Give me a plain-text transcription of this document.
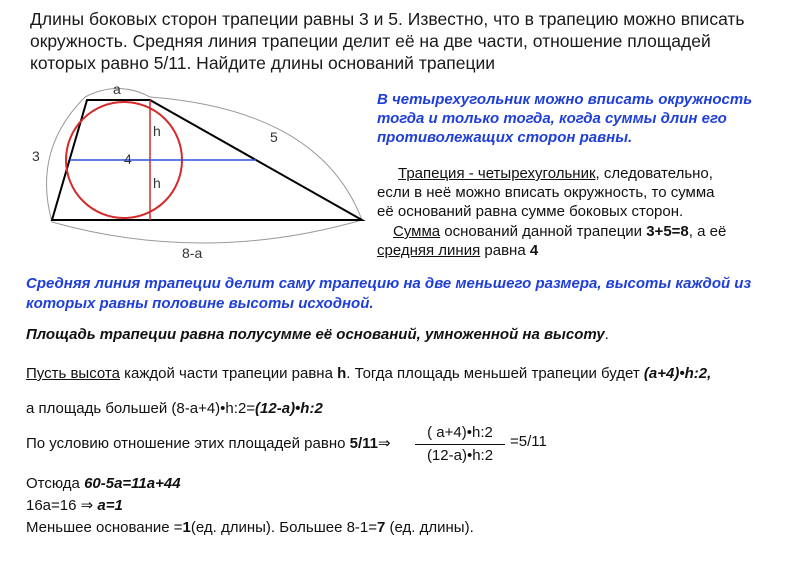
Длины боковых сторон трапеции равны 3 и 5. Известно, что в трапецию можно вписать окружность. Средняя линия трапеции делит её на две части, отношение площадей которых равно 5/11. Найдите длины оснований трапеции
a
5
3	4
h
h
8-a
В четырехугольник можно вписать окружность тогда и только тогда, когда суммы длин его противолежащих сторон равны.
Трапеция - четырехугольник, следовательно,
если в неё можно вписать окружность, то сумма
её оснований равна сумме боковых сторон.
Сумма оснований данной трапеции 3+5=8, а её
средняя линия равна 4
Средняя линия трапеции делит саму трапецию на две меньшего размера, высоты каждой из которых равны половине высоты исходной.
Площадь трапеции равна полусумме её оснований, умноженной на высоту.
Пусть высота каждой части трапеции равна h. Тогда площадь меньшей трапеции будет (a+4)•h:2,
а площадь большей (8-a+4)•h:2=(12-a)•h:2
По условию отношение этих площадей равно 5/11⇒
( a+4)•h:2
(12-a)•h:2
=5/11
Отсюда 60-5a=11a+44
16a=16 ⇒ a=1
Меньшее основание =1(ед. длины). Большее 8-1=7 (ед. длины).
